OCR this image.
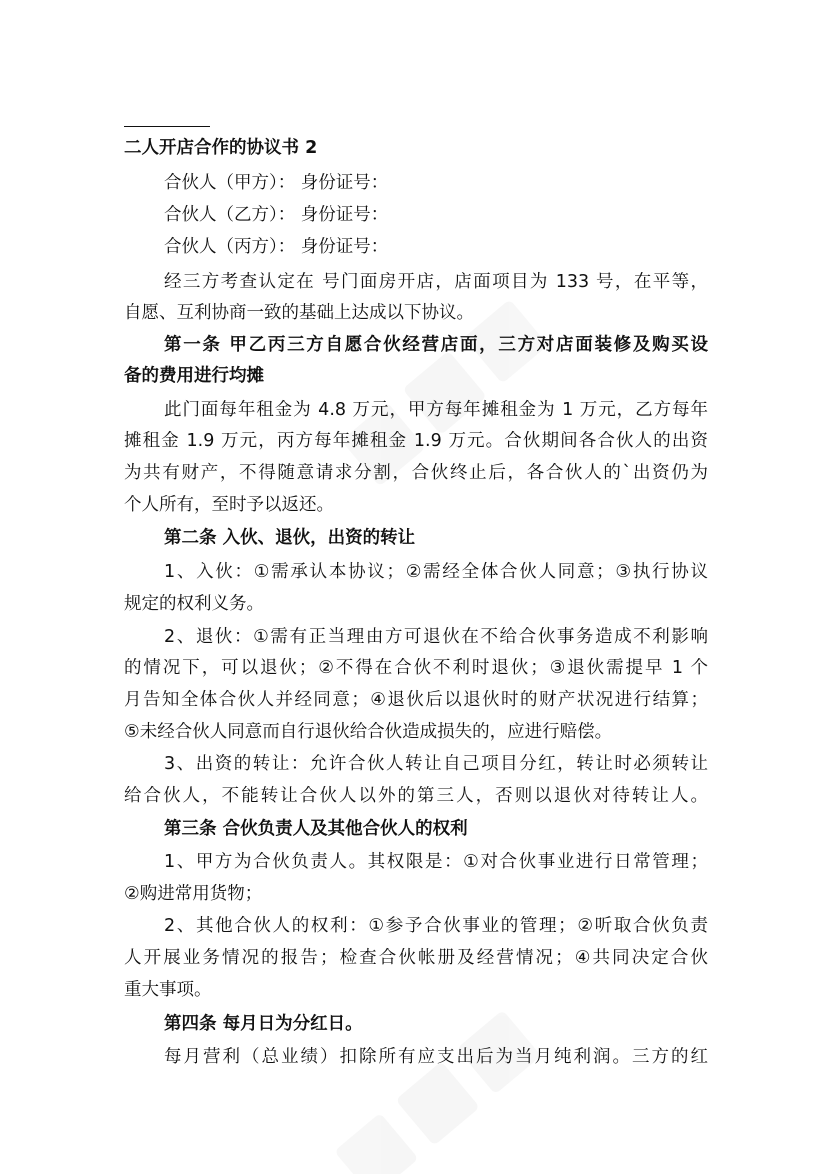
二人开店合作的协议书 2
合伙人（甲方）： 身份证号：
合伙人（乙方）： 身份证号：
合伙人（丙方）： 身份证号：
经三方考查认定在 号门面房开店，店面项目为 133 号，在平等，
自愿、互利协商一致的基础上达成以下协议。
第一条 甲乙丙三方自愿合伙经营店面，三方对店面装修及购买设
备的费用进行均摊
此门面每年租金为 4.8 万元，甲方每年摊租金为 1 万元，乙方每年
摊租金 1.9 万元，丙方每年摊租金 1.9 万元。合伙期间各合伙人的出资
为共有财产，不得随意请求分割，合伙终止后，各合伙人的`出资仍为
个人所有，至时予以返还。
第二条 入伙、退伙，出资的转让
1、入伙：①需承认本协议；②需经全体合伙人同意；③执行协议
规定的权利义务。
2、退伙：①需有正当理由方可退伙在不给合伙事务造成不利影响
的情况下，可以退伙；②不得在合伙不利时退伙；③退伙需提早 1 个
月告知全体合伙人并经同意；④退伙后以退伙时的财产状况进行结算；
⑤未经合伙人同意而自行退伙给合伙造成损失的，应进行赔偿。
3、出资的转让：允许合伙人转让自己项目分红，转让时必须转让
给合伙人，不能转让合伙人以外的第三人，否则以退伙对待转让人。
第三条 合伙负责人及其他合伙人的权利
1、甲方为合伙负责人。其权限是：①对合伙事业进行日常管理；
②购进常用货物；
2、其他合伙人的权利：①参予合伙事业的管理；②听取合伙负责
人开展业务情况的报告；检查合伙帐册及经营情况；④共同决定合伙
重大事项。
第四条 每月日为分红日。
每月营利（总业绩）扣除所有应支出后为当月纯利润。三方的红
